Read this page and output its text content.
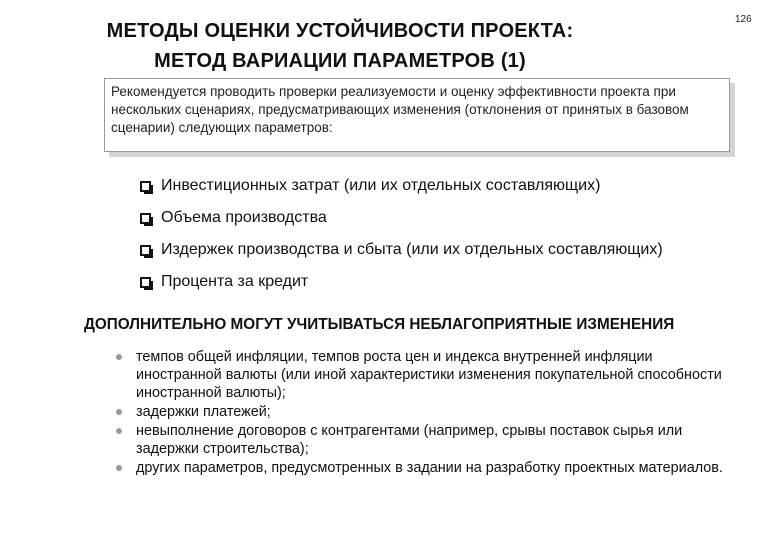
МЕТОДЫ ОЦЕНКИ УСТОЙЧИВОСТИ ПРОЕКТА:
МЕТОД ВАРИАЦИИ ПАРАМЕТРОВ (1)
126
Рекомендуется проводить проверки реализуемости и оценку эффективности проекта при нескольких сценариях, предусматривающих изменения (отклонения от принятых в базовом сценарии) следующих параметров:
Инвестиционных затрат (или их отдельных составляющих)
Объема производства
Издержек производства и сбыта (или их отдельных составляющих)
Процента за кредит
ДОПОЛНИТЕЛЬНО МОГУТ УЧИТЫВАТЬСЯ НЕБЛАГОПРИЯТНЫЕ ИЗМЕНЕНИЯ
темпов общей инфляции, темпов роста цен и индекса внутренней инфляции иностранной валюты (или иной характеристики изменения покупательной способности иностранной валюты);
задержки платежей;
невыполнение договоров с контрагентами (например, срывы поставок сырья или задержки строительства);
других параметров, предусмотренных в задании на разработку проектных материалов.
